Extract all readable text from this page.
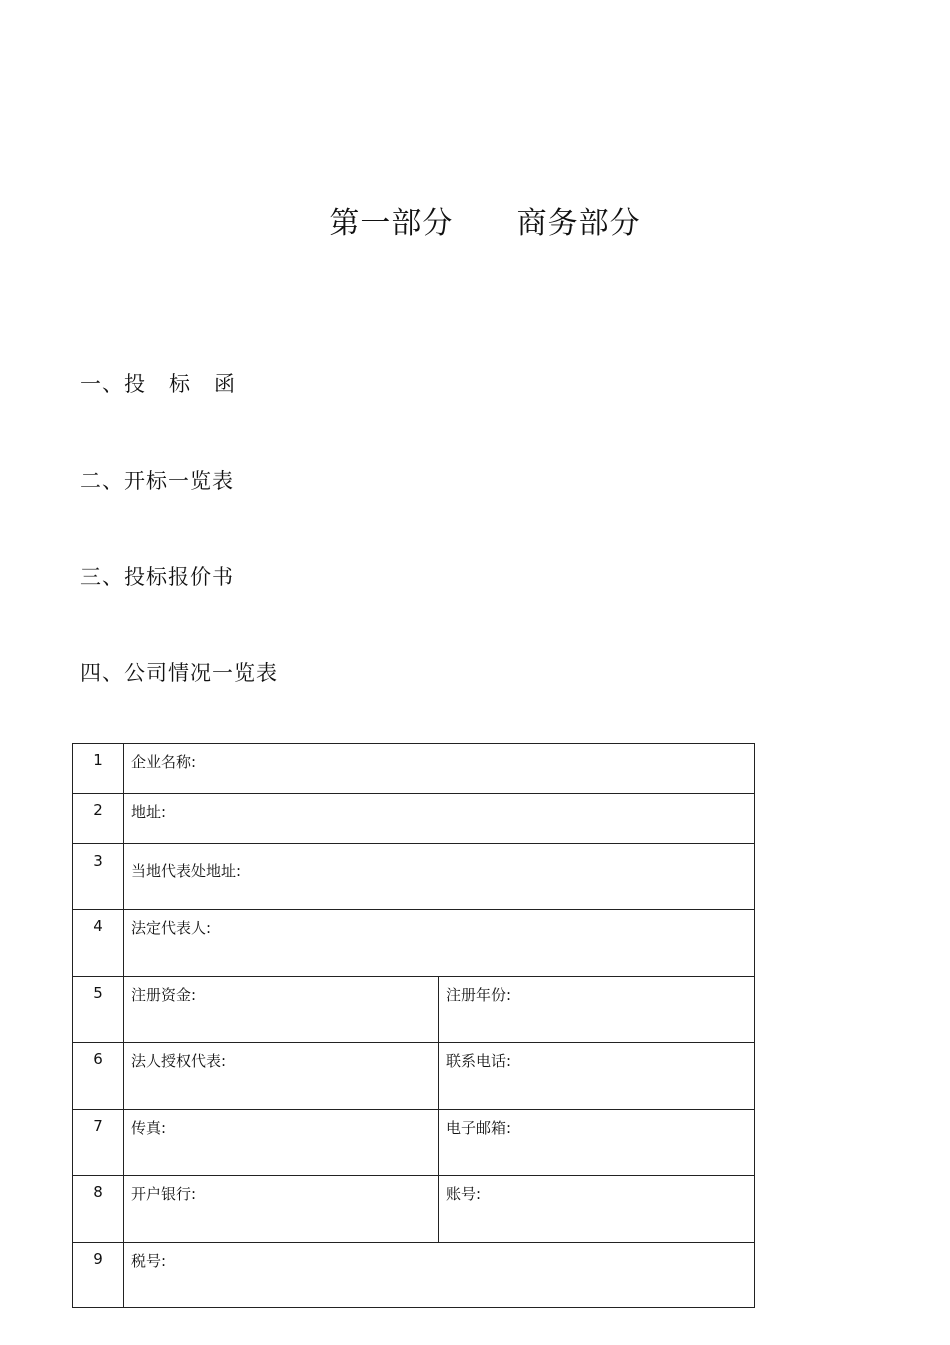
第一部分      商务部分
一、投   标   函
二、开标一览表
三、投标报价书
四、公司情况一览表
1	企业名称:	

2	地址:	

3	当地代表处地址:	

4	法定代表人:	

5	注册资金:	注册年份:

6	法人授权代表:	联系电话:

7	传真:	电子邮箱:

8	开户银行:	账号:

9	税号:	
